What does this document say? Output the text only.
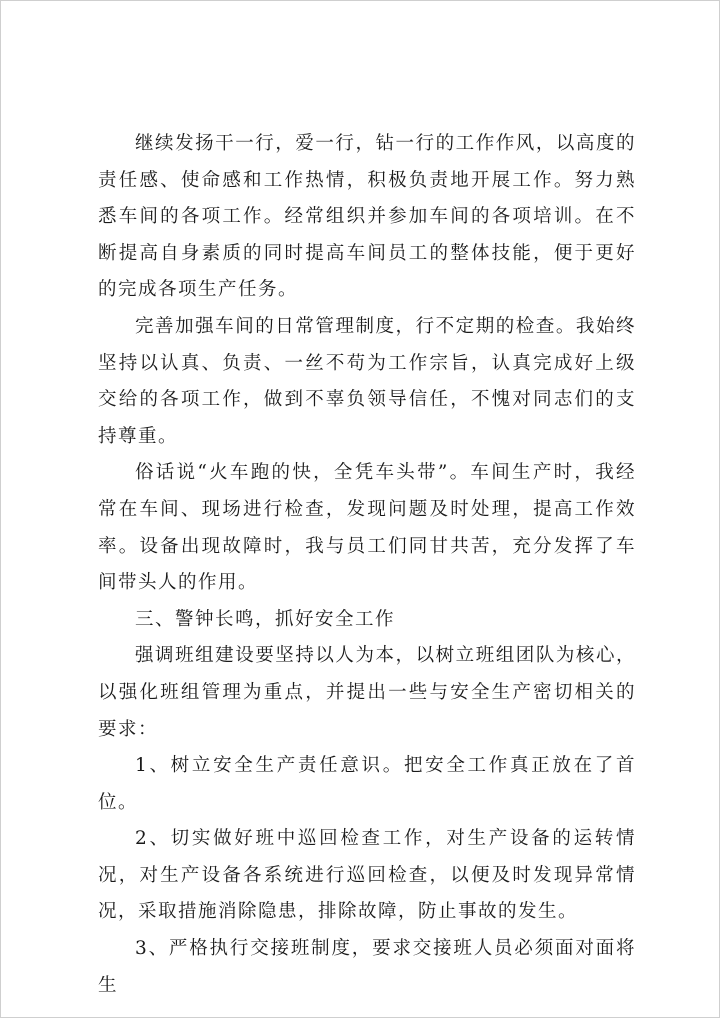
继续发扬干一行，爱一行，钻一行的工作作风，以高度的责任感、使命感和工作热情，积极负责地开展工作。努力熟悉车间的各项工作。经常组织并参加车间的各项培训。在不断提高自身素质的同时提高车间员工的整体技能，便于更好的完成各项生产任务。

完善加强车间的日常管理制度，行不定期的检查。我始终坚持以认真、负责、一丝不苟为工作宗旨，认真完成好上级交给的各项工作，做到不辜负领导信任，不愧对同志们的支持尊重。

俗话说“火车跑的快，全凭车头带”。车间生产时，我经常在车间、现场进行检查，发现问题及时处理，提高工作效率。设备出现故障时，我与员工们同甘共苦，充分发挥了车间带头人的作用。

三、警钟长鸣，抓好安全工作

强调班组建设要坚持以人为本，以树立班组团队为核心，以强化班组管理为重点，并提出一些与安全生产密切相关的要求：

1、树立安全生产责任意识。把安全工作真正放在了首位。

2、切实做好班中巡回检查工作，对生产设备的运转情况，对生产设备各系统进行巡回检查，以便及时发现异常情况，采取措施消除隐患，排除故障，防止事故的发生。

3、严格执行交接班制度，要求交接班人员必须面对面将生
